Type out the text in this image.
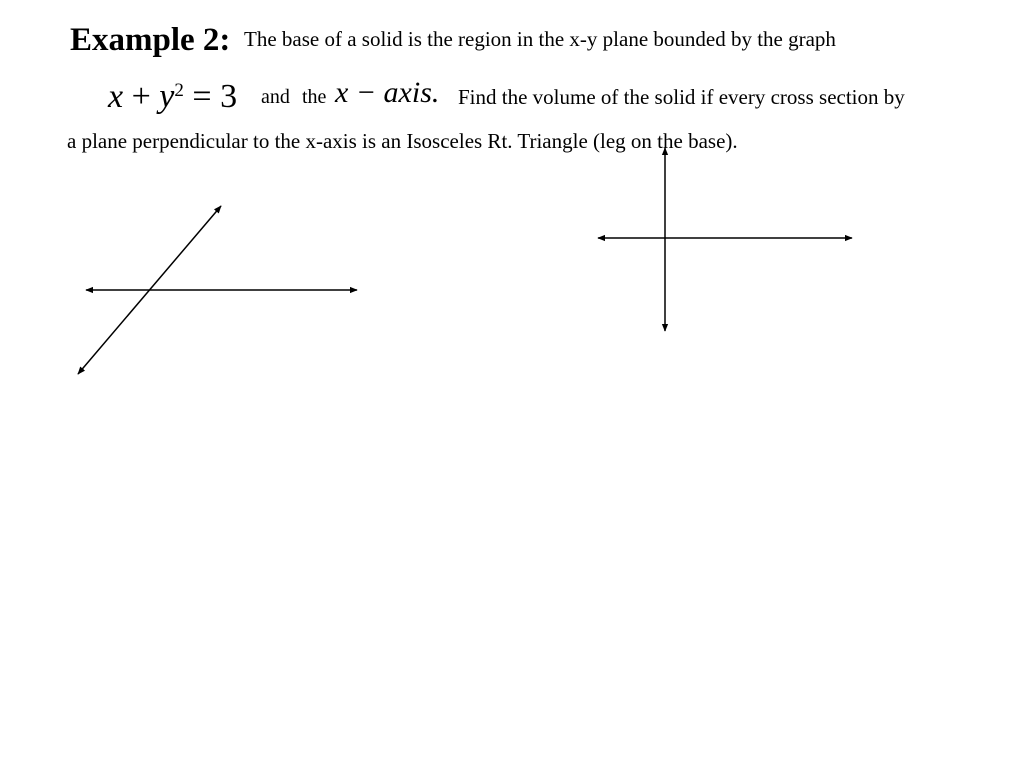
Example 2: The base of a solid is the region in the x-y plane bounded by the graph
$x + y^2 = 3$ and the x − axis. Find the volume of the solid if every cross section by
a plane perpendicular to the x-axis is an Isosceles Rt. Triangle (leg on the base).
